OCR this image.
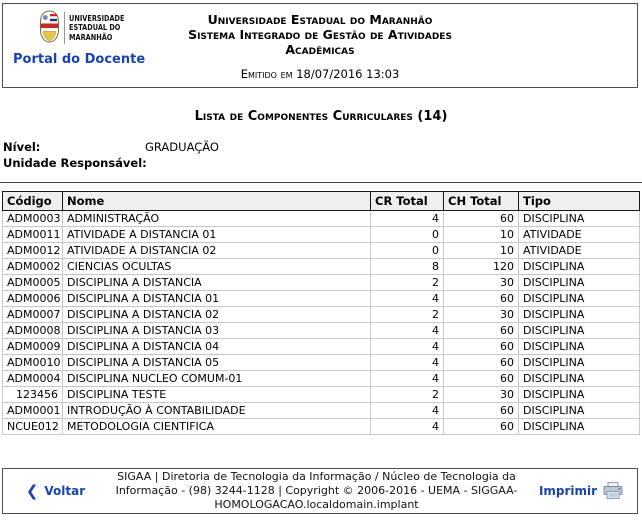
UNIVERSIDADE
ESTADUAL DO
MARANHÃO
Portal do Docente
Universidade Estadual do Maranhão
Sistema Integrado de Gestão de Atividades
Acadêmicas
Emitido em 18/07/2016 13:03
Lista de Componentes Curriculares (14)
Nível:	GRADUAÇÃO
Unidade Responsável:
Código	Nome	CR Total	CH Total	Tipo
ADM0003	ADMINISTRAÇÃO	4	60	DISCIPLINA
ADM0011	ATIVIDADE A DISTANCIA 01	0	10	ATIVIDADE
ADM0012	ATIVIDADE A DISTANCIA 02	0	10	ATIVIDADE
ADM0002	CIENCIAS OCULTAS	8	120	DISCIPLINA
ADM0005	DISCIPLINA A DISTANCIA	2	30	DISCIPLINA
ADM0006	DISCIPLINA A DISTANCIA 01	4	60	DISCIPLINA
ADM0007	DISCIPLINA A DISTANCIA 02	2	30	DISCIPLINA
ADM0008	DISCIPLINA A DISTANCIA 03	4	60	DISCIPLINA
ADM0009	DISCIPLINA A DISTANCIA 04	4	60	DISCIPLINA
ADM0010	DISCIPLINA A DISTANCIA 05	4	60	DISCIPLINA
ADM0004	DISCIPLINA NUCLEO COMUM-01	4	60	DISCIPLINA
123456	DISCIPLINA TESTE	2	30	DISCIPLINA
ADM0001	INTRODUÇÃO À CONTABILIDADE	4	60	DISCIPLINA
NCUE012	METODOLOGIA CIENTIFICA	4	60	DISCIPLINA
❮ Voltar
SIGAA | Diretoria de Tecnologia da Informação / Núcleo de Tecnologia da Informação - (98) 3244-1128 | Copyright © 2006-2016 - UEMA - SIGGAA-HOMOLOGACAO.localdomain.implant
Imprimir
